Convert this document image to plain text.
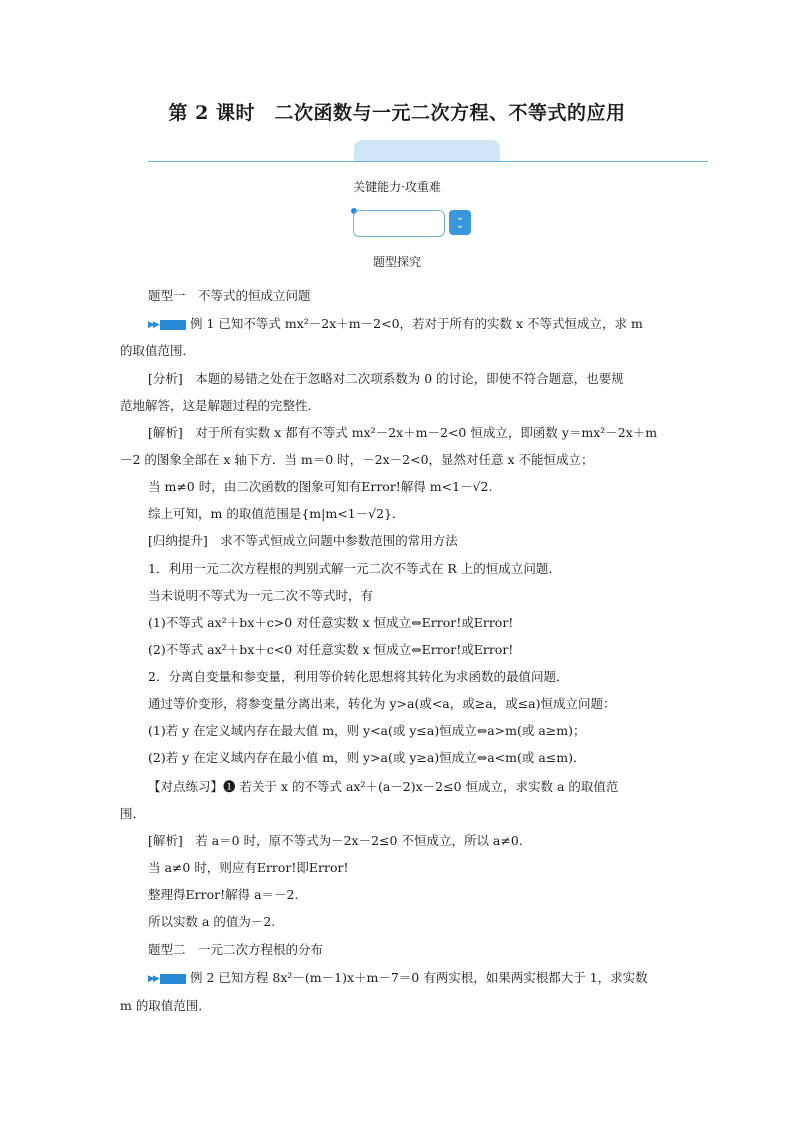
第 2 课时　二次函数与一元二次方程、不等式的应用
关键能力·攻重难
⌄
⌄
题型探究
题型一　不等式的恒成立问题
▶▶	例 1 已知不等式 mx²－2x＋m－2<0，若对于所有的实数 x 不等式恒成立，求 m
的取值范围．
[分析]　本题的易错之处在于忽略对二次项系数为 0 的讨论，即使不符合题意，也要规
范地解答，这是解题过程的完整性．
[解析]　对于所有实数 x 都有不等式 mx²－2x＋m－2<0 恒成立，即函数 y＝mx²－2x＋m
－2 的图象全部在 x 轴下方．当 m＝0 时，－2x－2<0，显然对任意 x 不能恒成立；
当 m≠0 时，由二次函数的图象可知有Error!解得 m<1－√2.
综上可知，m 的取值范围是{m|m<1－√2}．
[归纳提升]　求不等式恒成立问题中参数范围的常用方法
1．利用一元二次方程根的判别式解一元二次不等式在 R 上的恒成立问题．
当未说明不等式为一元二次不等式时，有
(1)不等式 ax²＋bx＋c>0 对任意实数 x 恒成立⇔Error!或Error!
(2)不等式 ax²＋bx＋c<0 对任意实数 x 恒成立⇔Error!或Error!
2．分离自变量和参变量，利用等价转化思想将其转化为求函数的最值问题．
通过等价变形，将参变量分离出来，转化为 y>a(或<a，或≥a，或≤a)恒成立问题：
(1)若 y 在定义域内存在最大值 m，则 y<a(或 y≤a)恒成立⇔a>m(或 a≥m)；
(2)若 y 在定义域内存在最小值 m，则 y>a(或 y≥a)恒成立⇔a<m(或 a≤m)．
【对点练习】❶ 若关于 x 的不等式 ax²＋(a－2)x－2≤0 恒成立，求实数 a 的取值范
围．
[解析]　若 a＝0 时，原不等式为－2x－2≤0 不恒成立，所以 a≠0.
当 a≠0 时，则应有Error!即Error!
整理得Error!解得 a＝－2.
所以实数 a 的值为－2.
题型二　一元二次方程根的分布
▶▶	例 2 已知方程 8x²－(m－1)x＋m－7＝0 有两实根，如果两实根都大于 1，求实数
m 的取值范围．
